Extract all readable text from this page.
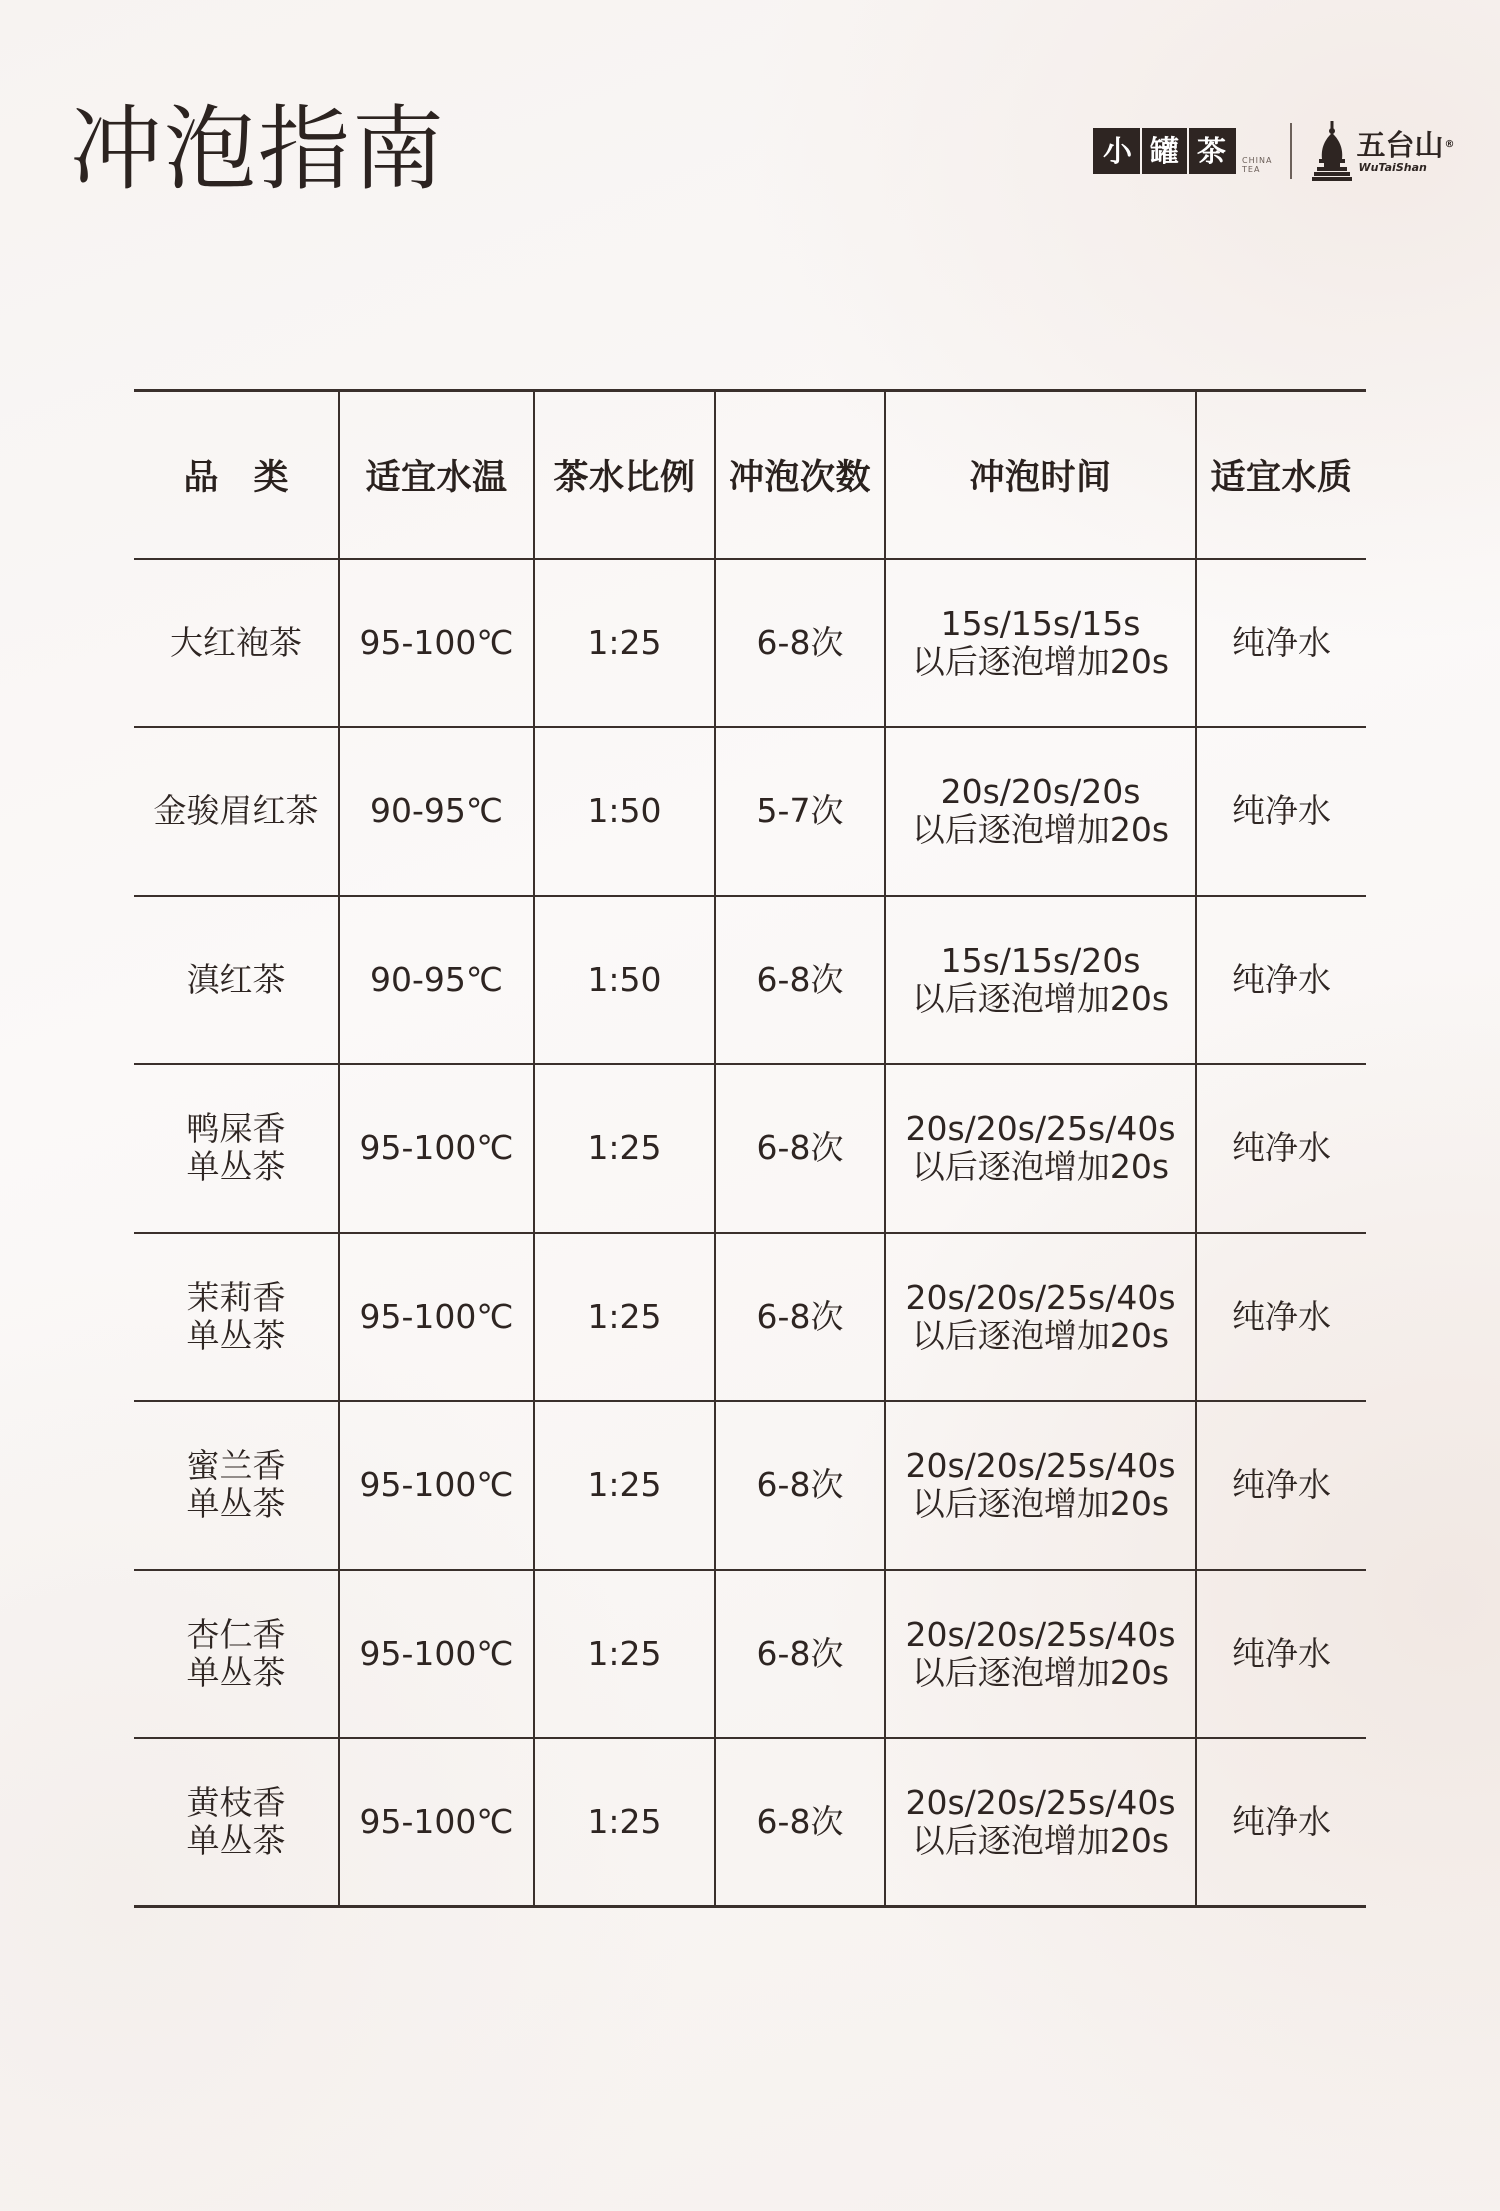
冲泡指南	小 罐 茶	CHINA
TEA
五台山®
WuTaiShan
品　类	适宜水温	茶水比例	冲泡次数	冲泡时间	适宜水质

大红袍茶	95-100℃	1:25	6-8次	15s/15s/15s
以后逐泡增加20s	纯净水

金骏眉红茶	90-95℃	1:50	5-7次	20s/20s/20s
以后逐泡增加20s	纯净水

滇红茶	90-95℃	1:50	6-8次	15s/15s/20s
以后逐泡增加20s	纯净水

鸭屎香
单丛茶	95-100℃	1:25	6-8次	20s/20s/25s/40s
以后逐泡增加20s	纯净水

茉莉香
单丛茶	95-100℃	1:25	6-8次	20s/20s/25s/40s
以后逐泡增加20s	纯净水

蜜兰香
单丛茶	95-100℃	1:25	6-8次	20s/20s/25s/40s
以后逐泡增加20s	纯净水

杏仁香
单丛茶	95-100℃	1:25	6-8次	20s/20s/25s/40s
以后逐泡增加20s	纯净水

黄枝香
单丛茶	95-100℃	1:25	6-8次	20s/20s/25s/40s
以后逐泡增加20s	纯净水
